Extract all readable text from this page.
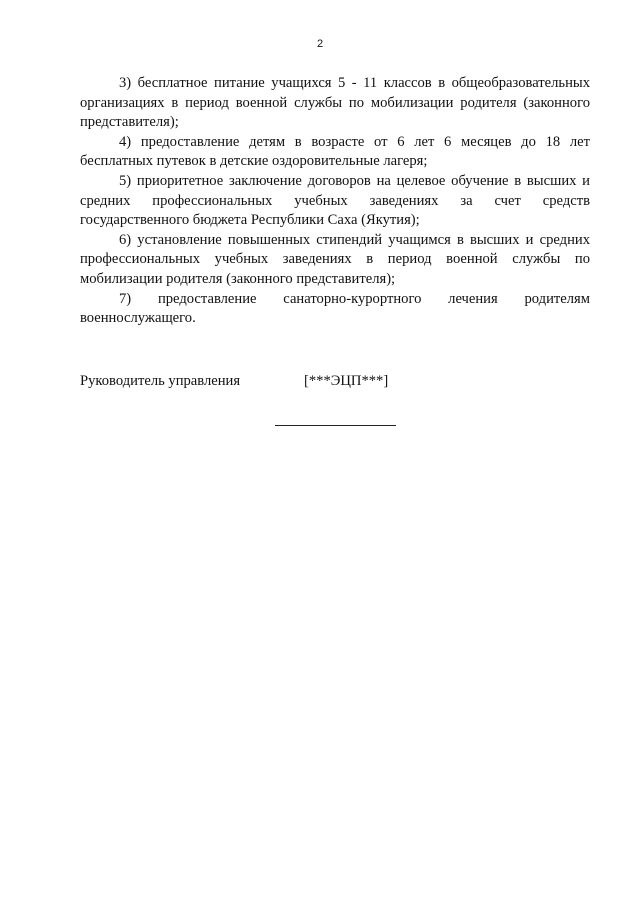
2

3) бесплатное питание учащихся 5 - 11 классов в общеобразовательных организациях в период военной службы по мобилизации родителя (законного представителя);

4) предоставление детям в возрасте от 6 лет 6 месяцев до 18 лет бесплатных путевок в детские оздоровительные лагеря;

5) приоритетное заключение договоров на целевое обучение в высших и средних профессиональных учебных заведениях за счет средств государственного бюджета Республики Саха (Якутия);

6) установление повышенных стипендий учащимся в высших и средних профессиональных учебных заведениях в период военной службы по мобилизации родителя (законного представителя);

7) предоставление санаторно-курортного лечения родителям военнослужащего.

Руководитель управления	[***ЭЦП***]
